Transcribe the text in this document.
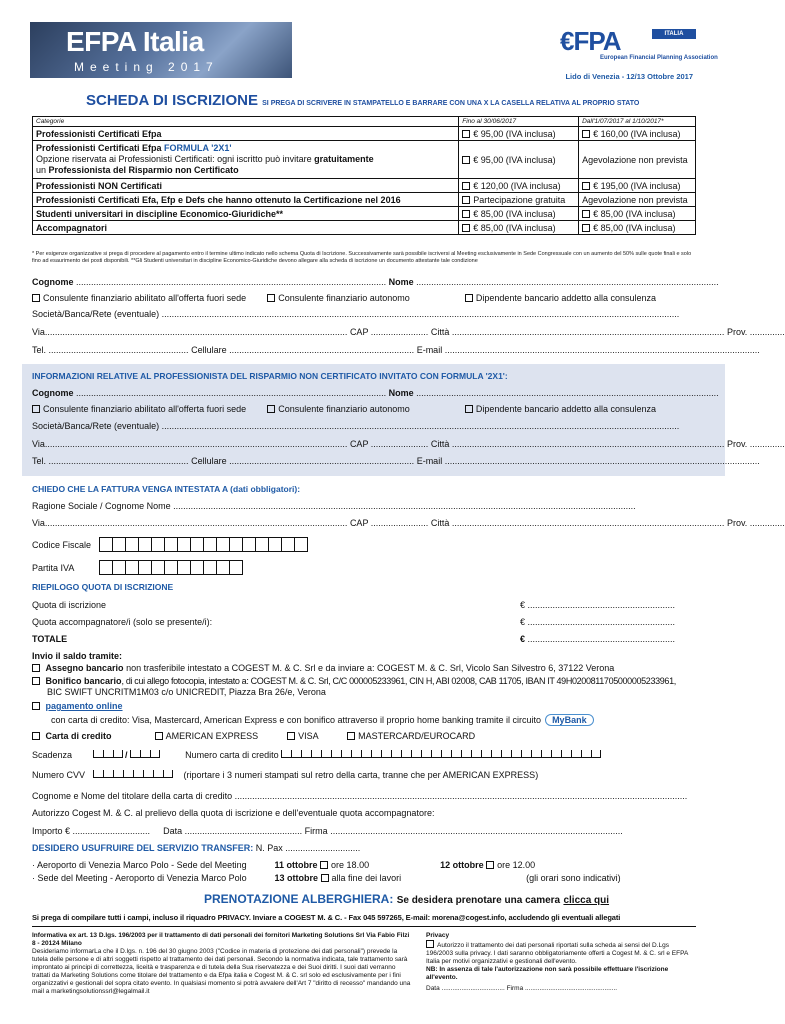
EFPA Italia
Meeting 2017
€FPA	ITALIA
European Financial Planning Association
Lido di Venezia - 12/13 Ottobre 2017
SCHEDA DI ISCRIZIONE SI PREGA DI SCRIVERE IN STAMPATELLO E BARRARE CON UNA X LA CASELLA RELATIVA AL PROPRIO STATO
Categorie	Fino al 30/06/2017	Dall'1/07/2017 al 1/10/2017*
Professionisti Certificati Efpa	€ 95,00 (IVA inclusa)	€ 160,00 (IVA inclusa)
Professionisti Certificati Efpa FORMULA '2X1'
Opzione riservata ai Professionisti Certificati: ogni iscritto può invitare gratuitamente
un Professionista del Risparmio non Certificato	€ 95,00 (IVA inclusa)	Agevolazione non prevista
Professionisti NON Certificati	€ 120,00 (IVA inclusa)	€ 195,00 (IVA inclusa)
Professionisti Certificati Efa, Efp e Defs che hanno ottenuto la Certificazione nel 2016	Partecipazione gratuita	Agevolazione non prevista
Studenti universitari in discipline Economico-Giuridiche**	€ 85,00 (IVA inclusa)	€ 85,00 (IVA inclusa)
Accompagnatori	€ 85,00 (IVA inclusa)	€ 85,00 (IVA inclusa)
* Per esigenze organizzative si prega di procedere al pagamento entro il termine ultimo indicato nello schema Quota di Iscrizione. Successivamente sarà possibile iscriversi al Meeting esclusivamente in Sede Congressuale con un aumento del 50% sulle quote finali e solo fino ad esaurimento dei posti disponibili. **Gli Studenti universitari in discipline Economico-Giuridiche devono allegare alla scheda di iscrizione un documento attestante tale condizione
Cognome ............................................................................................................................ Nome .........................................................................................................................
Consulente finanziario abilitato all'offerta fuori sede	Consulente finanziario autonomo	Dipendente bancario addetto alla consulenza
Società/Banca/Rete (eventuale) ...............................................................................................................................................................................................................
Via......................................................................................................................... CAP ....................... Città ............................................................................................................. Prov. ..............
Tel. ........................................................ Cellulare .......................................................................... E-mail ..............................................................................................................................
INFORMAZIONI RELATIVE AL PROFESSIONISTA DEL RISPARMIO NON CERTIFICATO INVITATO CON FORMULA '2X1':
Cognome ............................................................................................................................ Nome .........................................................................................................................
Consulente finanziario abilitato all'offerta fuori sede	Consulente finanziario autonomo	Dipendente bancario addetto alla consulenza
Società/Banca/Rete (eventuale) ...............................................................................................................................................................................................................
Via......................................................................................................................... CAP ....................... Città ............................................................................................................. Prov. ..............
Tel. ........................................................ Cellulare .......................................................................... E-mail ..............................................................................................................................
CHIEDO CHE LA FATTURA VENGA INTESTATA A (dati obbligatori):
Ragione Sociale / Cognome Nome .........................................................................................................................................................................................
Via......................................................................................................................... CAP ....................... Città ............................................................................................................. Prov. ..............
Codice Fiscale
Partita IVA
RIEPILOGO QUOTA DI ISCRIZIONE
Quota di iscrizione	€ ...........................................................
Quota accompagnatore/i (solo se presente/i):	€ ...........................................................
TOTALE	€ ...........................................................
Invio il saldo tramite:
Assegno bancario non trasferibile intestato a COGEST M. & C. Srl e da inviare a: COGEST M. & C. Srl, Vicolo San Silvestro 6, 37122 Verona
Bonifico bancario, di cui allego fotocopia, intestato a: COGEST M. & C. Srl, C/C 000005233961, CIN H, ABI 02008, CAB 11705, IBAN IT 49H0200811705000005233961,
BIC SWIFT UNCRITM1M03 c/o UNICREDIT, Piazza Bra 26/e, Verona
pagamento online
con carta di credito: Visa, Mastercard, American Express e con bonifico attraverso il proprio home banking tramite il circuito MyBank
Carta di credito	AMERICAN EXPRESS	VISA	MASTERCARD/EUROCARD
Scadenza	/	Numero carta di credito
Numero CVV	(riportare i 3 numeri stampati sul retro della carta, tranne che per AMERICAN EXPRESS)
Cognome e Nome del titolare della carta di credito .....................................................................................................................................................................................
Autorizzo Cogest M. & C. al prelievo della quota di iscrizione e dell'eventuale quota accompagnatore:
Importo € ............................... Data ............................................... Firma .....................................................................................................................
DESIDERO USUFRUIRE DEL SERVIZIO TRANSFER: N. Pax ..............................
· Aeroporto di Venezia Marco Polo - Sede del Meeting	11 ottobre ore 18.00	12 ottobre ore 12.00
· Sede del Meeting - Aeroporto di Venezia Marco Polo	13 ottobre alla fine dei lavori	(gli orari sono indicativi)
PRENOTAZIONE ALBERGHIERA: Se desidera prenotare una camera clicca qui
Si prega di compilare tutti i campi, incluso il riquadro PRIVACY. Inviare a COGEST M. & C. - Fax 045 597265, E-mail: morena@cogest.info, accludendo gli eventuali allegati
Informativa ex art. 13 D.lgs. 196/2003 per il trattamento di dati personali dei fornitori Marketing Solutions Srl Via Fabio Filzi 8 - 20124 Milano
Desideriamo informarLa che il D.lgs. n. 196 del 30 giugno 2003 ("Codice in materia di protezione dei dati personali") prevede la tutela delle persone e di altri soggetti rispetto al trattamento dei dati personali. Secondo la normativa indicata, tale trattamento sarà improntato ai principi di correttezza, liceità e trasparenza e di tutela della Sua riservatezza e dei Suoi diritti. I suoi dati verranno trattati da Marketing Solutions come titolare del trattamento e da Efpa italia e Cogest M. & C. srl solo ed esclusivamente per i fini organizzativi e gestionali del sopra citato evento. In qualsiasi momento si potrà avvalere dell'Art 7 "diritto di recesso" mandando una mail a marketingsolutionssrl@legalmail.it
Privacy
Autorizzo il trattamento dei dati personali riportati sulla scheda ai sensi del D.Lgs 196/2003 sulla privacy. I dati saranno obbligatoriamente offerti a Cogest M. & C. srl e EFPA Italia per motivi organizzativi e gestionali dell'evento.
NB: In assenza di tale l'autorizzazione non sarà possibile effettuare l'iscrizione all'evento.
Data ................................... Firma ...................................................
